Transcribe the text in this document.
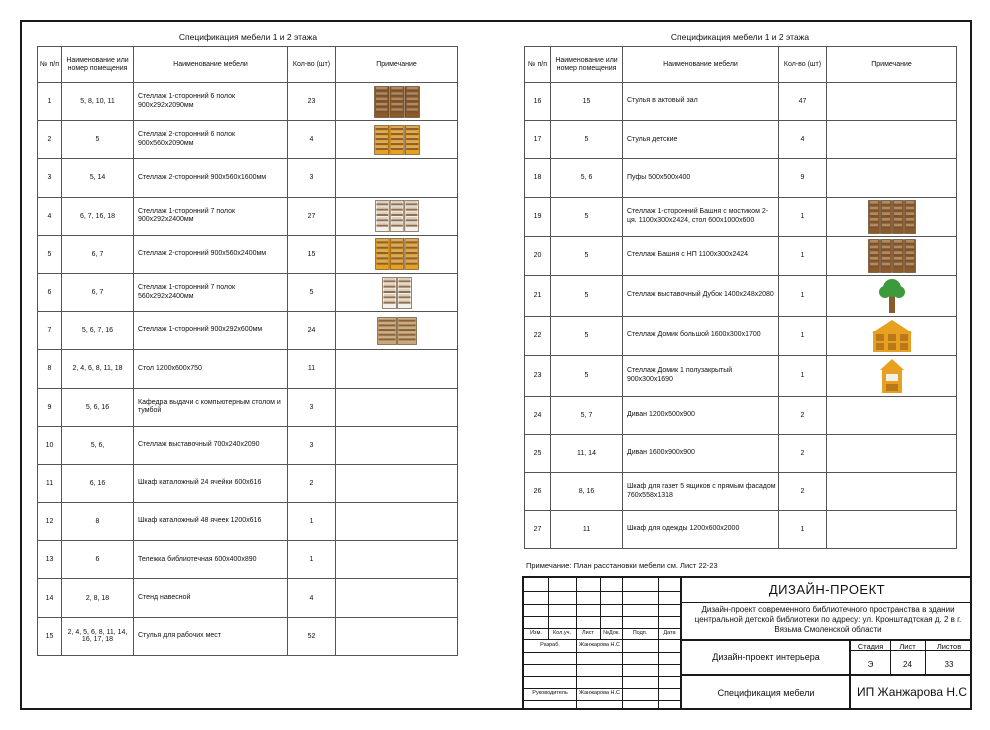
Спецификация мебели 1 и 2 этажа
№ п/п	Наименование или номер помещения	Наименование мебели	Кол-во (шт)	Примечание
1	5, 8, 10, 11	Стеллаж 1-сторонний 6 полок 900х292х2090мм	23	

2	5	Стеллаж 2-сторонний 6 полок 900х560х2090мм	4	

3	5, 14	Стеллаж 2-сторонний 900х560х1600мм	3	
4	6, 7, 16, 18	Стеллаж 1-сторонний 7 полок 900х292х2400мм	27	

5	6, 7	Стеллаж 2-сторонний 900х560х2400мм	15	

6	6, 7	Стеллаж 1-сторонний 7 полок 560х292х2400мм	5	

7	5, 6, 7, 16	Стеллаж 1-сторонний 900х292х600мм	24	

8	2, 4, 6, 8, 11, 18	Стол 1200х600х750	11	
9	5, 6, 16	Кафедра выдачи с компьютерным столом и тумбой	3	
10	5, 6,	Стеллаж выставочный 700х240х2090	3	
11	6, 16	Шкаф каталожный 24 ячейки 600х616	2	
12	8	Шкаф каталожный 48 ячеек 1200х616	1	
13	6	Тележка библиотечная 600х400х890	1	
14	2, 8, 18	Стенд навесной	4	
15	2, 4, 5, 6, 8, 11, 14, 16, 17, 18	Стулья для рабочих мест	52	
Спецификация мебели 1 и 2 этажа
№ п/п	Наименование или номер помещения	Наименование мебели	Кол-во (шт)	Примечание
16	15	Стулья в актовый зал	47	
17	5	Стулья детские	4	
18	5, 6	Пуфы 500х500х400	9	
19	5	Стеллаж 1-сторонний Башня с мостиком 2-ця. 1100х300х2424, стол 600х1000х600	1	

20	5	Стеллаж Башня с НП 1100х300х2424	1	

21	5	Стеллаж выставочный Дубок 1400х248х2080	1	

22	5	Стеллаж Домик большой 1600х300х1700	1	

23	5	Стеллаж Домик 1 полузакрытый 900х300х1690	1	

24	5, 7	Диван 1200х500х900	2	
25	11, 14	Диван 1600х900х900	2	
26	8, 16	Шкаф для газет 5 ящиков с прямым фасадом 760х558х1318	2	
27	11	Шкаф для одежды 1200х600х2000	1	
Примечание: План расстановки мебели см. Лист 22-23
ДИЗАЙН-ПРОЕКТ
Дизайн-проект современного библиотечного пространства в здании центральной детской библиотеки по адресу: ул. Кронштадтская д. 2 в г. Вязьма Смоленской области
Изм.	Кол.уч.	Лист	№Док.	Подп.	Дата
Разраб.	Жанжарова Н.С
Руководитель	Жанжарова Н.С
Дизайн-проект интерьера
Спецификация мебели	ИП Жанжарова Н.С
Стадия	Лист	Листов
Э	24	33
